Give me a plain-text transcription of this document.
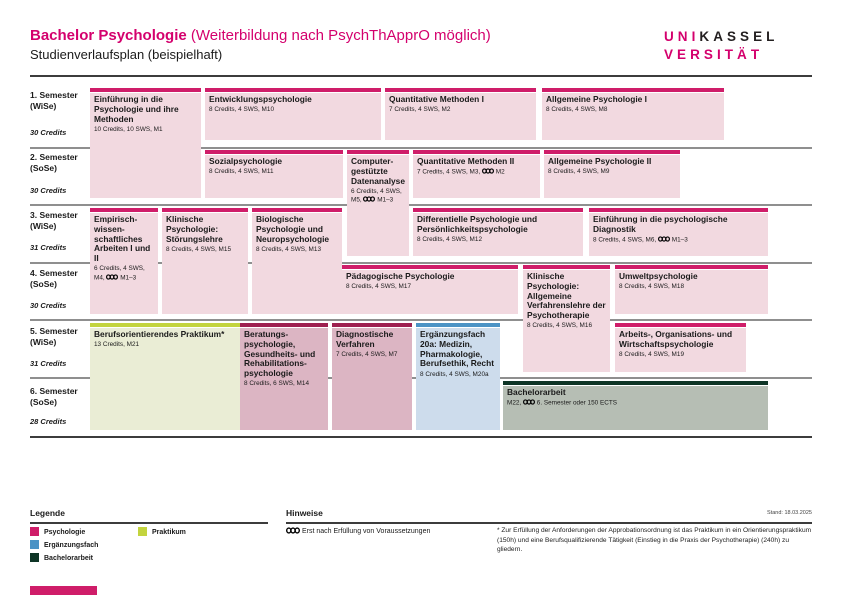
Bachelor Psychologie (Weiterbildung nach PsychThApprO möglich)
Studienverlaufsplan (beispielhaft)
UNIKASSEL
VERSITÄT
1. Semester
(WiSe)
30 Credits
2. Semester
(SoSe)
30 Credits
3. Semester
(WiSe)
31 Credits
4. Semester
(SoSe)
30 Credits
5. Semester
(WiSe)
31 Credits
6. Semester
(SoSe)
28 Credits
Einführung in die Psychologie und ihre Methoden
10 Credits, 10 SWS, M1
Entwicklungspsychologie
8 Credits, 4 SWS, M10
Quantitative Methoden I
7 Credits, 4 SWS, M2
Allgemeine Psychologie I
8 Credits, 4 SWS, M8
Sozialpsychologie
8 Credits, 4 SWS, M11
Computer-gestützte Datenanalyse
6 Credits, 4 SWS, M5,  M1–3
Quantitative Methoden II
7 Credits, 4 SWS, M3,  M2
Allgemeine Psychologie II
8 Credits, 4 SWS, M9
Empirisch-wissen-schaftliches Arbeiten I und II
6 Credits, 4 SWS, M4,  M1–3
Klinische Psychologie: Störungslehre
8 Credits, 4 SWS, M15
Biologische Psychologie und Neuropsychologie
8 Credits, 4 SWS, M13
Differentielle Psychologie und Persönlichkeitspsychologie
8 Credits, 4 SWS, M12
Einführung in die psychologische Diagnostik
8 Credits, 4 SWS, M6,  M1–3
Pädagogische Psychologie
8 Credits, 4 SWS, M17
Klinische Psychologie: Allgemeine Verfahrenslehre der Psychotherapie
8 Credits, 4 SWS, M16
Umweltpsychologie
8 Credits, 4 SWS, M18
Berufsorientierendes Praktikum*
13 Credits, M21
Beratungs-psychologie, Gesundheits- und Rehabilitations-psychologie
8 Credits, 6 SWS, M14
Diagnostische Verfahren
7 Credits, 4 SWS, M7
Ergänzungsfach 20a: Medizin, Pharmakologie, Berufsethik, Recht
8 Credits, 4 SWS, M20a
Arbeits-, Organisations- und Wirtschaftspsychologie
8 Credits, 4 SWS, M19
Bachelorarbeit
M22,  6. Semester oder 150 ECTS
Legende
Psychologie	Praktikum
Ergänzungsfach
Bachelorarbeit
Hinweise
Erst nach Erfüllung von Voraussetzungen	* Zur Erfüllung der Anforderungen der Approbationsordnung ist das Praktikum in ein Orientierungspraktikum (150h) und eine Berufsqualifizierende Tätigkeit (Einstieg in die Praxis der Psychotherapie) (240h) zu gliedern.
Stand: 18.03.2025
